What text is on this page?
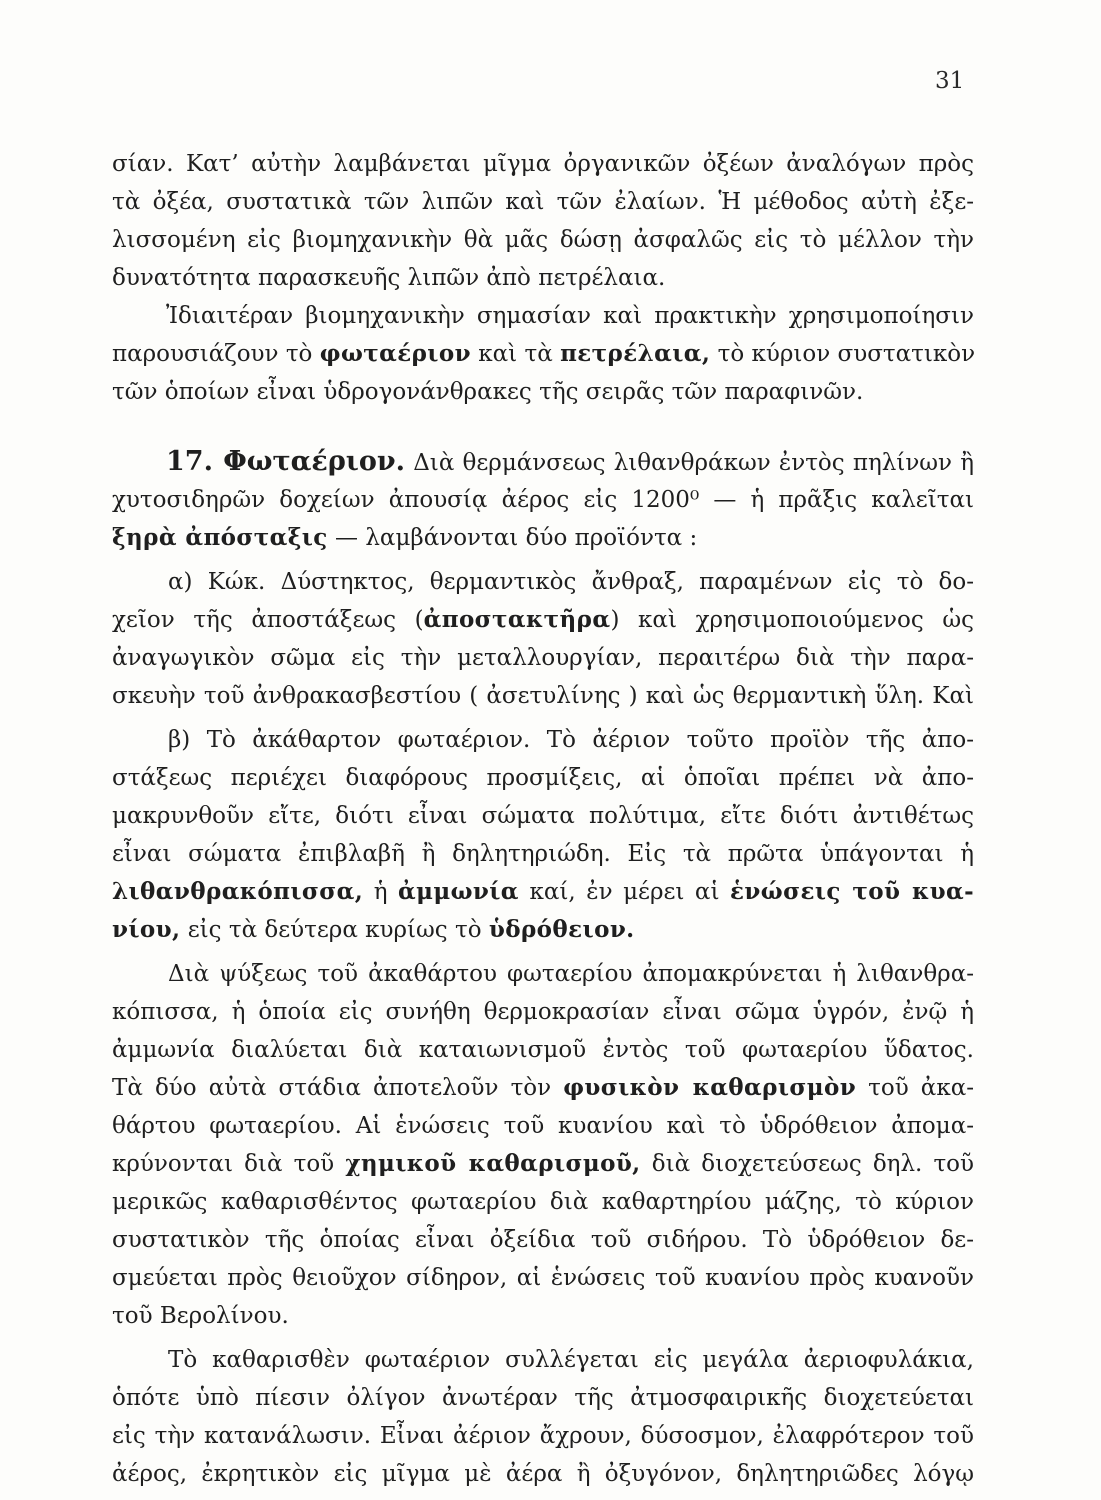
31
σίαν. Κατ’ αὐτὴν λαμβάνεται μῖγμα ὀργανικῶν ὀξέων ἀναλόγων πρὸς
τὰ ὀξέα, συστατικὰ τῶν λιπῶν καὶ τῶν ἐλαίων. Ἡ μέθοδος αὐτὴ ἐξε-
λισσομένη εἰς βιομηχανικὴν θὰ μᾶς δώσῃ ἀσφαλῶς εἰς τὸ μέλλον τὴν
δυνατότητα παρασκευῆς λιπῶν ἀπὸ πετρέλαια.
Ἰδιαιτέραν βιομηχανικὴν σημασίαν καὶ πρακτικὴν χρησιμοποίησιν
παρουσιάζουν τὸ φωταέριον καὶ τὰ πετρέλαια, τὸ κύριον συστατικὸν
τῶν ὁποίων εἶναι ὑδρογονάνθρακες τῆς σειρᾶς τῶν παραφινῶν.
17. Φωταέριον. Διὰ θερμάνσεως λιθανθράκων ἐντὸς πηλίνων ἢ
χυτοσιδηρῶν δοχείων ἀπουσίᾳ ἀέρος εἰς 1200⁰ — ἡ πρᾶξις καλεῖται
ξηρὰ ἀπόσταξις — λαμβάνονται δύο προϊόντα :
α) Κώκ. Δύστηκτος, θερμαντικὸς ἄνθραξ, παραμένων εἰς τὸ δο-
χεῖον τῆς ἀποστάξεως (ἀποστακτῆρα) καὶ χρησιμοποιούμενος ὡς
ἀναγωγικὸν σῶμα εἰς τὴν μεταλλουργίαν, περαιτέρω διὰ τὴν παρα-
σκευὴν τοῦ ἀνθρακασβεστίου ( ἀσετυλίνης ) καὶ ὡς θερμαντικὴ ὕλη. Καὶ
β) Τὸ ἀκάθαρτον φωταέριον. Τὸ ἀέριον τοῦτο προϊὸν τῆς ἀπο-
στάξεως περιέχει διαφόρους προσμίξεις, αἱ ὁποῖαι πρέπει νὰ ἀπο-
μακρυνθοῦν εἴτε, διότι εἶναι σώματα πολύτιμα, εἴτε διότι ἀντιθέτως
εἶναι σώματα ἐπιβλαβῆ ἢ δηλητηριώδη. Εἰς τὰ πρῶτα ὑπάγονται ἡ
λιθανθρακόπισσα, ἡ ἀμμωνία καί, ἐν μέρει αἱ ἑνώσεις τοῦ κυα-
νίου, εἰς τὰ δεύτερα κυρίως τὸ ὑδρόθειον.
Διὰ ψύξεως τοῦ ἀκαθάρτου φωταερίου ἀπομακρύνεται ἡ λιθανθρα-
κόπισσα, ἡ ὁποία εἰς συνήθη θερμοκρασίαν εἶναι σῶμα ὑγρόν, ἐνῷ ἡ
ἀμμωνία διαλύεται διὰ καταιωνισμοῦ ἐντὸς τοῦ φωταερίου ὕδατος.
Τὰ δύο αὐτὰ στάδια ἀποτελοῦν τὸν φυσικὸν καθαρισμὸν τοῦ ἀκα-
θάρτου φωταερίου. Αἱ ἑνώσεις τοῦ κυανίου καὶ τὸ ὑδρόθειον ἀπομα-
κρύνονται διὰ τοῦ χημικοῦ καθαρισμοῦ, διὰ διοχετεύσεως δηλ. τοῦ
μερικῶς καθαρισθέντος φωταερίου διὰ καθαρτηρίου μάζης, τὸ κύριον
συστατικὸν τῆς ὁποίας εἶναι ὀξείδια τοῦ σιδήρου. Τὸ ὑδρόθειον δε-
σμεύεται πρὸς θειοῦχον σίδηρον, αἱ ἑνώσεις τοῦ κυανίου πρὸς κυανοῦν
τοῦ Βερολίνου.
Τὸ καθαρισθὲν φωταέριον συλλέγεται εἰς μεγάλα ἀεριοφυλάκια,
ὁπότε ὑπὸ πίεσιν ὀλίγον ἀνωτέραν τῆς ἀτμοσφαιρικῆς διοχετεύεται
εἰς τὴν κατανάλωσιν. Εἶναι ἀέριον ἄχρουν, δύσοσμον, ἐλαφρότερον τοῦ
ἀέρος, ἐκρητικὸν εἰς μῖγμα μὲ ἀέρα ἢ ὀξυγόνον, δηλητηριῶδες λόγῳ
